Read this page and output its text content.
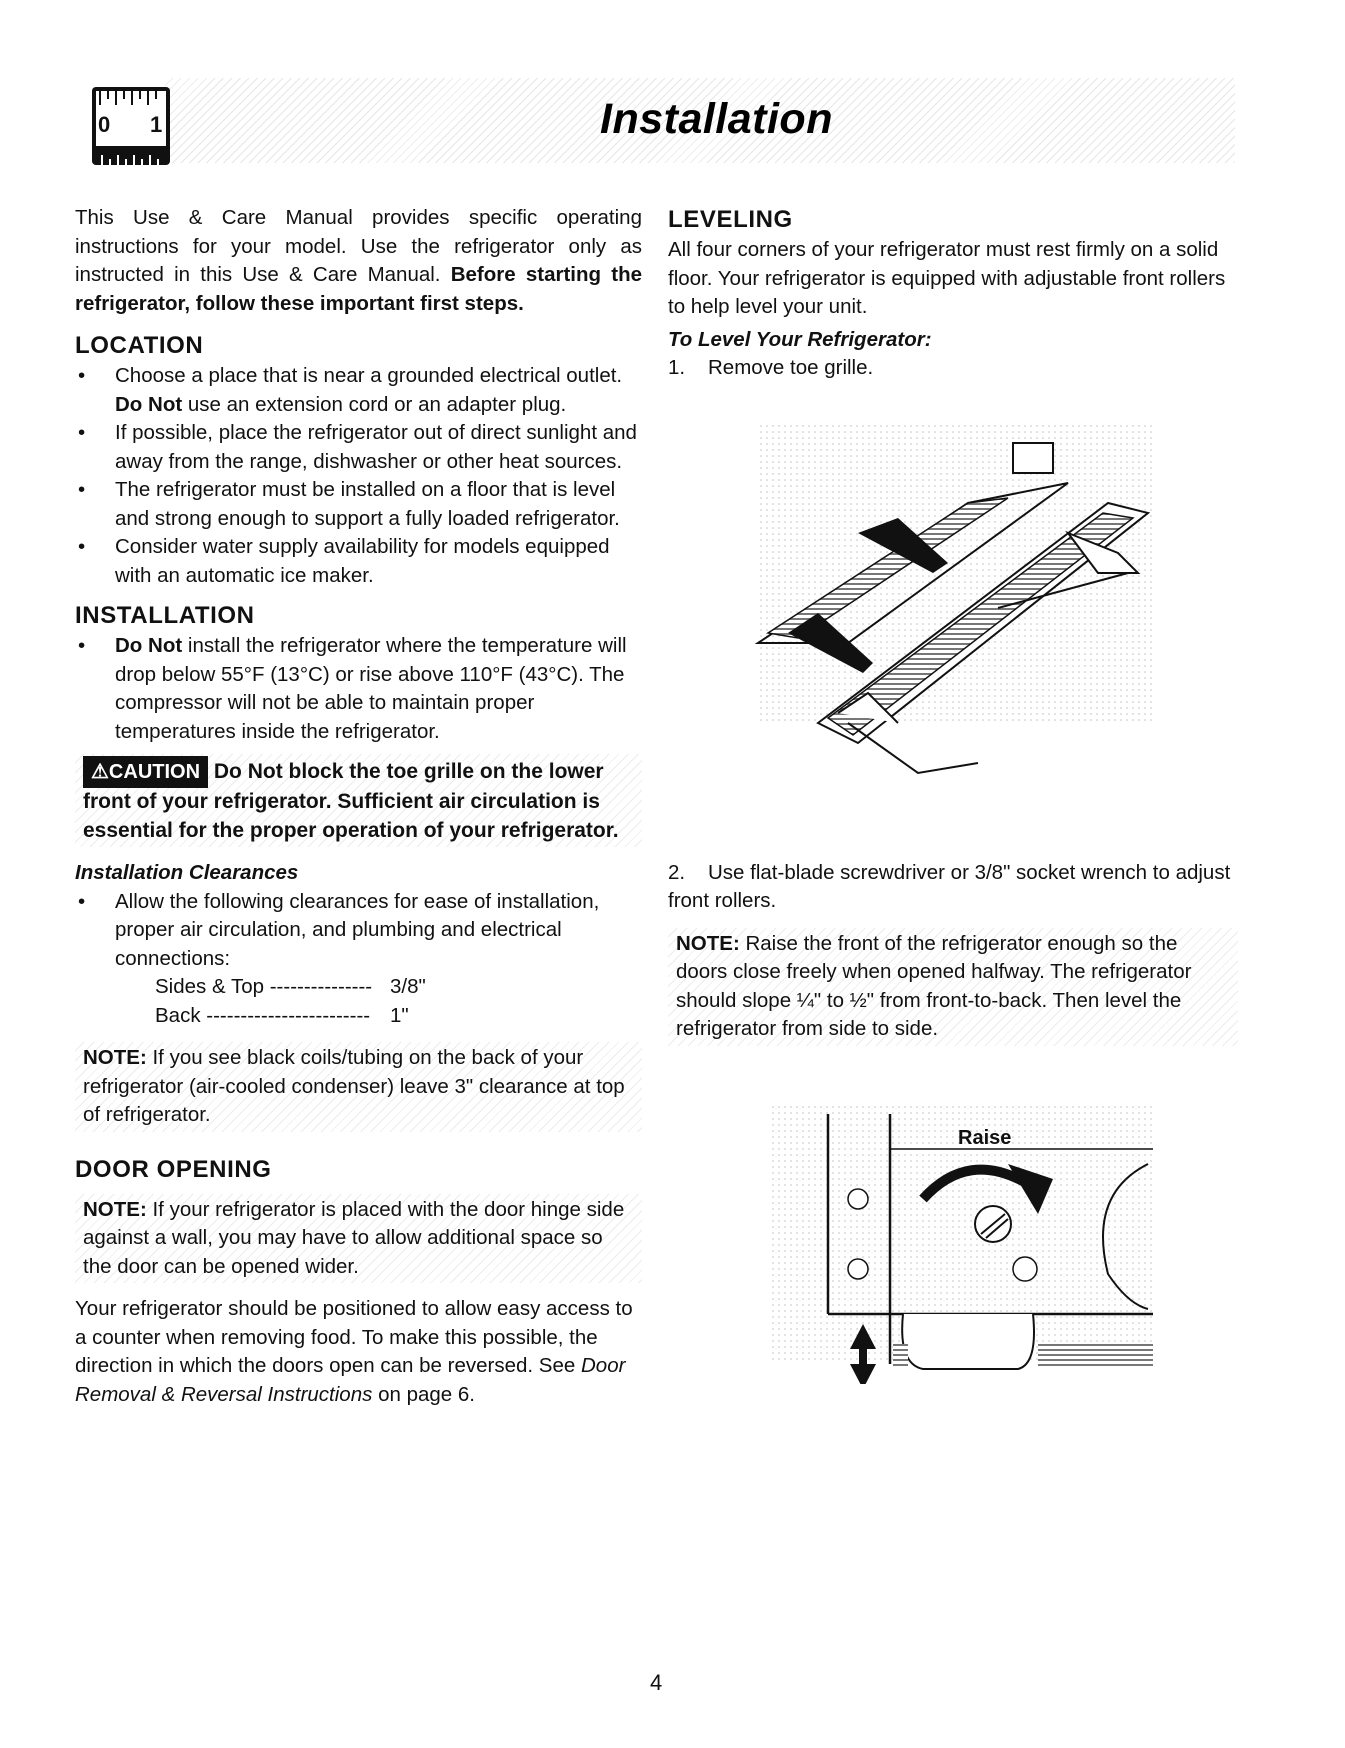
0 1	Installation

This Use & Care Manual provides specific operating instructions for your model. Use the refrigerator only as instructed in this Use & Care Manual. Before starting the refrigerator, follow these important first steps.

LOCATION
• Choose a place that is near a grounded electrical outlet. Do Not use an extension cord or an adapter plug.
• If possible, place the refrigerator out of direct sunlight and away from the range, dishwasher or other heat sources.
• The refrigerator must be installed on a floor that is level and strong enough to support a fully loaded refrigerator.
• Consider water supply availability for models equipped with an automatic ice maker.
INSTALLATION
• Do Not install the refrigerator where the temperature will drop below 55°F (13°C) or rise above 110°F (43°C). The compressor will not be able to maintain proper temperatures inside the refrigerator.
⚠CAUTION Do Not block the toe grille on the lower front of your refrigerator. Sufficient air circulation is essential for the proper operation of your refrigerator.

Installation Clearances

• Allow the following clearances for ease of installation, proper air circulation, and plumbing and electrical connections:
Sides & Top --------------- 3/8"
Back ------------------------ 1"
NOTE: If you see black coils/tubing on the back of your refrigerator (air-cooled condenser) leave 3" clearance at top of refrigerator.
DOOR OPENING
NOTE: If your refrigerator is placed with the door hinge side against a wall, you may have to allow additional space so the door can be opened wider.

Your refrigerator should be positioned to allow easy access to a counter when removing food. To make this possible, the direction in which the doors open can be reversed. See Door Removal & Reversal Instructions on page 6.

LEVELING

All four corners of your refrigerator must rest firmly on a solid floor. Your refrigerator is equipped with adjustable front rollers to help level your unit.

To Level Your Refrigerator:

1. Remove toe grille.

2. Use flat-blade screwdriver or 3/8" socket wrench to adjust front rollers.

NOTE: Raise the front of the refrigerator enough so the doors close freely when opened halfway. The refrigerator should slope ¼" to ½" from front-to-back. Then level the refrigerator from side to side.
Raise
4
